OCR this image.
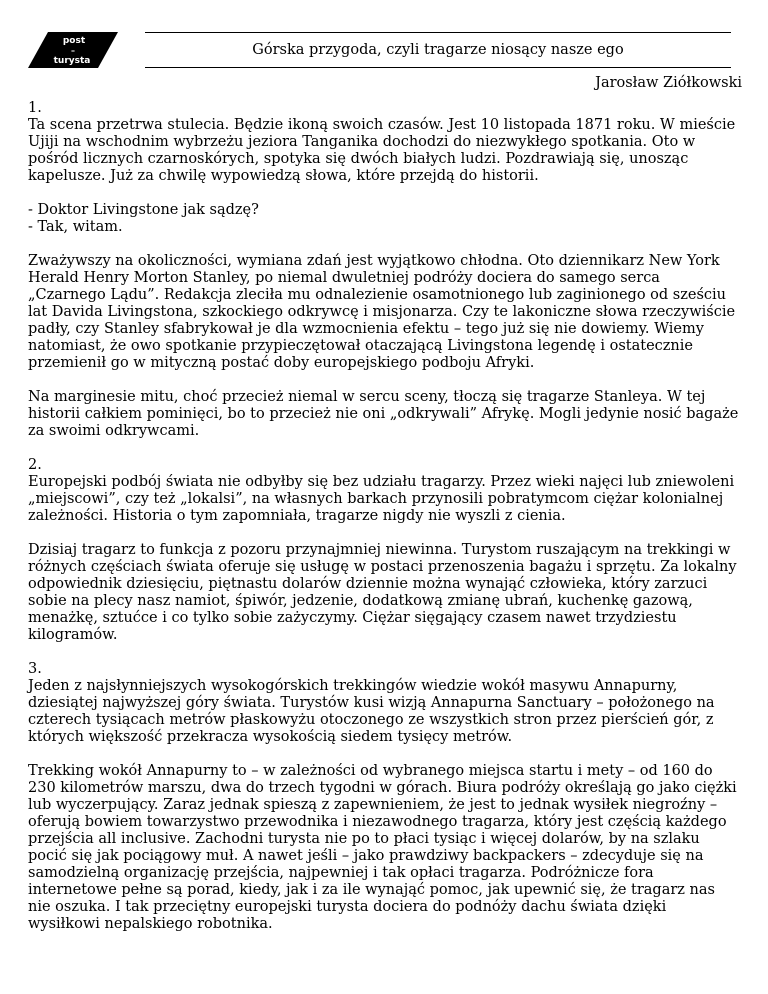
post
–
turysta
Górska przygoda, czyli tragarze niosący nasze ego
Jarosław Ziółkowski

1.
Ta scena przetrwa stulecia. Będzie ikoną swoich czasów. Jest 10 listopada 1871 roku. W mieście Ujiji na wschodnim wybrzeżu jeziora Tanganika dochodzi do niezwykłego spotkania. Oto w pośród licznych czarnoskórych, spotyka się dwóch białych ludzi. Pozdrawiają się, unosząc kapelusze. Już za chwilę wypowiedzą słowa, które przejdą do historii.

- Doktor Livingstone jak sądzę?
- Tak, witam.

Zważywszy na okoliczności, wymiana zdań jest wyjątkowo chłodna. Oto dziennikarz New York Herald Henry Morton Stanley, po niemal dwuletniej podróży dociera do samego serca „Czarnego Lądu”. Redakcja zleciła mu odnalezienie osamotnionego lub zaginionego od sześciu lat Davida Livingstona, szkockiego odkrywcę i misjonarza. Czy te lakoniczne słowa rzeczywiście padły, czy Stanley sfabrykował je dla wzmocnienia efektu – tego już się nie dowiemy. Wiemy natomiast, że owo spotkanie przypieczętował otaczającą Livingstona legendę i ostatecznie przemienił go w mityczną postać doby europejskiego podboju Afryki.

Na marginesie mitu, choć przecież niemal w sercu sceny, tłoczą się tragarze Stanleya. W tej historii całkiem pominięci, bo to przecież nie oni „odkrywali” Afrykę. Mogli jedynie nosić bagaże za swoimi odkrywcami.

2.
Europejski podbój świata nie odbyłby się bez udziału tragarzy. Przez wieki najęci lub zniewoleni „miejscowi”, czy też „lokalsi”, na własnych barkach przynosili pobratymcom ciężar kolonialnej zależności. Historia o tym zapomniała, tragarze nigdy nie wyszli z cienia.

Dzisiaj tragarz to funkcja z pozoru przynajmniej niewinna. Turystom ruszającym na trekkingi w różnych częściach świata oferuje się usługę w postaci przenoszenia bagażu i sprzętu. Za lokalny odpowiednik dziesięciu, piętnastu dolarów dziennie można wynająć człowieka, który zarzuci sobie na plecy nasz namiot, śpiwór, jedzenie, dodatkową zmianę ubrań, kuchenkę gazową, menażkę, sztućce i co tylko sobie zażyczymy. Ciężar sięgający czasem nawet trzydziestu kilogramów.

3.
Jeden z najsłynniejszych wysokogórskich trekkingów wiedzie wokół masywu Annapurny, dziesiątej najwyższej góry świata. Turystów kusi wizją Annapurna Sanctuary – położonego na czterech tysiącach metrów płaskowyżu otoczonego ze wszystkich stron przez pierścień gór, z których większość przekracza wysokością siedem tysięcy metrów.

Trekking wokół Annapurny to – w zależności od wybranego miejsca startu i mety – od 160 do 230 kilometrów marszu, dwa do trzech tygodni w górach. Biura podróży określają go jako ciężki lub wyczerpujący. Zaraz jednak spieszą z zapewnieniem, że jest to jednak wysiłek niegroźny – oferują bowiem towarzystwo przewodnika i niezawodnego tragarza, który jest częścią każdego przejścia all inclusive. Zachodni turysta nie po to płaci tysiąc i więcej dolarów, by na szlaku pocić się jak pociągowy muł. A nawet jeśli – jako prawdziwy backpackers – zdecyduje się na samodzielną organizację przejścia, najpewniej i tak opłaci tragarza. Podróżnicze fora internetowe pełne są porad, kiedy, jak i za ile wynająć pomoc, jak upewnić się, że tragarz nas nie oszuka. I tak przeciętny europejski turysta dociera do podnóży dachu świata dzięki wysiłkowi nepalskiego robotnika.
